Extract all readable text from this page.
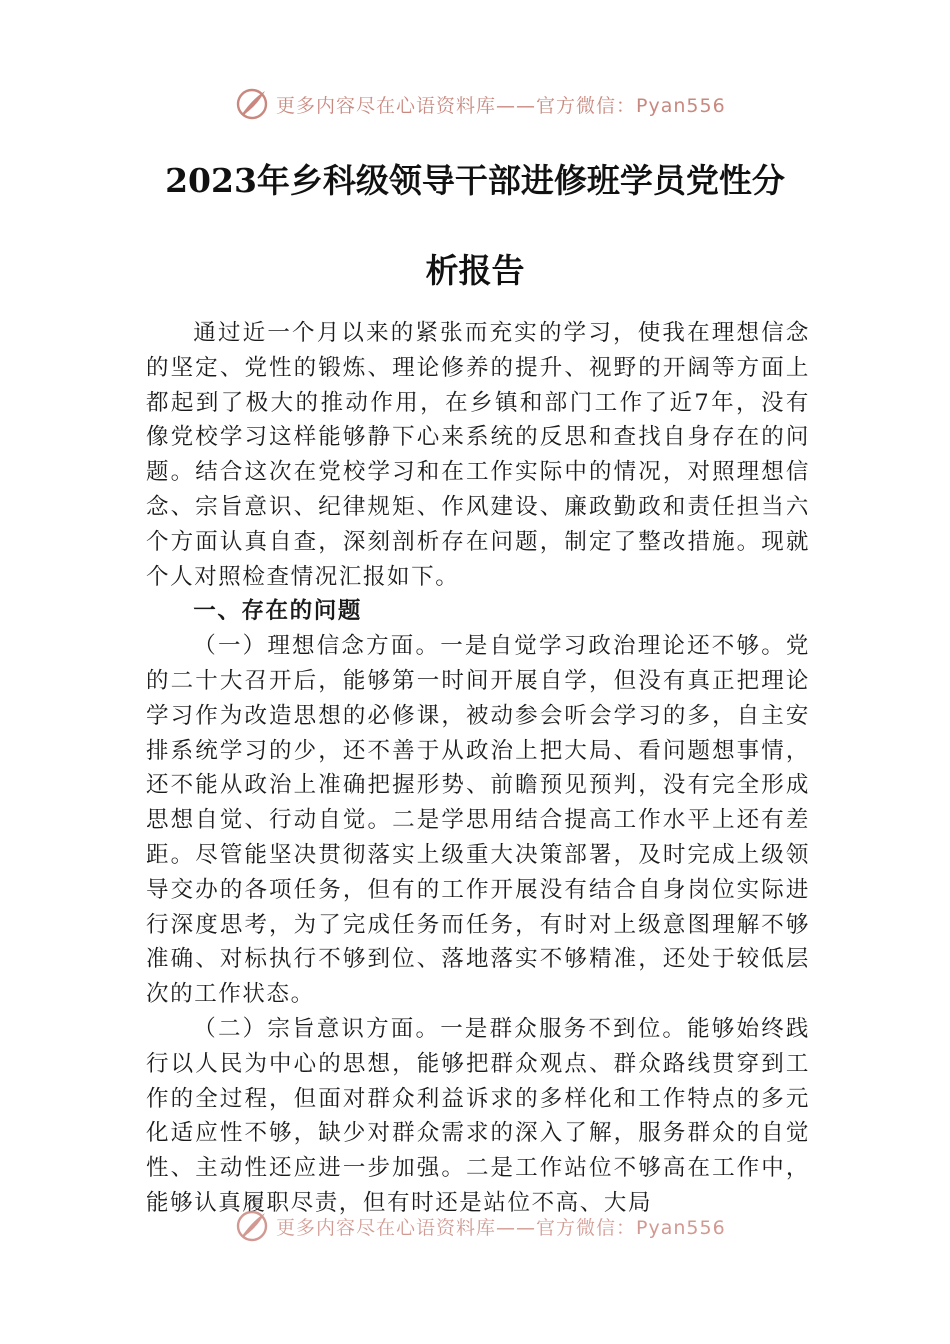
更多内容尽在心语资料库——官方微信：Pyan556
2023年乡科级领导干部进修班学员党性分
析报告

通过近一个月以来的紧张而充实的学习，使我在理想信念的坚定、党性的锻炼、理论修养的提升、视野的开阔等方面上都起到了极大的推动作用，在乡镇和部门工作了近7年，没有像党校学习这样能够静下心来系统的反思和查找自身存在的问题。结合这次在党校学习和在工作实际中的情况，对照理想信念、宗旨意识、纪律规矩、作风建设、廉政勤政和责任担当六个方面认真自查，深刻剖析存在问题，制定了整改措施。现就个人对照检查情况汇报如下。

一、存在的问题

（一）理想信念方面。一是自觉学习政治理论还不够。党的二十大召开后，能够第一时间开展自学，但没有真正把理论学习作为改造思想的必修课，被动参会听会学习的多，自主安排系统学习的少，还不善于从政治上把大局、看问题想事情，还不能从政治上准确把握形势、前瞻预见预判，没有完全形成思想自觉、行动自觉。二是学思用结合提高工作水平上还有差距。尽管能坚决贯彻落实上级重大决策部署，及时完成上级领导交办的各项任务，但有的工作开展没有结合自身岗位实际进行深度思考，为了完成任务而任务，有时对上级意图理解不够准确、对标执行不够到位、落地落实不够精准，还处于较低层次的工作状态。

（二）宗旨意识方面。一是群众服务不到位。能够始终践行以人民为中心的思想，能够把群众观点、群众路线贯穿到工作的全过程，但面对群众利益诉求的多样化和工作特点的多元化适应性不够，缺少对群众需求的深入了解，服务群众的自觉性、主动性还应进一步加强。二是工作站位不够高在工作中，能够认真履职尽责，但有时还是站位不高、大局

更多内容尽在心语资料库——官方微信：Pyan556
